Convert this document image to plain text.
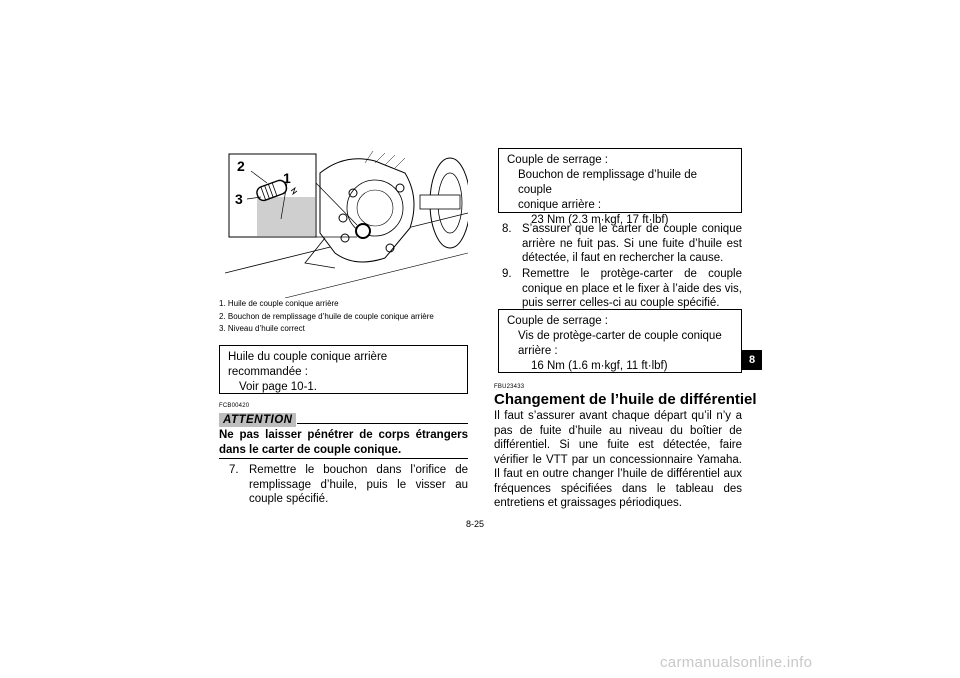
2
1
3
1. Huile de couple conique arrière
2. Bouchon de remplissage d’huile de couple conique arrière
3. Niveau d’huile correct
Huile du couple conique arrière
recommandée :
Voir page 10-1.
FCB00420
ATTENTION
Ne pas laisser pénétrer de corps étrangers dans le carter de couple conique.
7. Remettre le bouchon dans l’orifice de remplissage d’huile, puis le visser au couple spécifié.
Couple de serrage :
Bouchon de remplissage d’huile de couple
conique arrière :
23 Nm (2.3 m·kgf, 17 ft·lbf)
8. S’assurer que le carter de couple conique arrière ne fuit pas. Si une fuite d’huile est détectée, il faut en rechercher la cause.
9. Remettre le protège-carter de couple conique en place et le fixer à l’aide des vis, puis serrer celles-ci au couple spécifié.
Couple de serrage :
Vis de protège-carter de couple conique
arrière :
16 Nm (1.6 m·kgf, 11 ft·lbf)
FBU23433
Changement de l’huile de différentiel
Il faut s’assurer avant chaque départ qu’il n’y a pas de fuite d’huile au niveau du boîtier de différentiel. Si une fuite est détectée, faire vérifier le VTT par un concessionnaire Yamaha. Il faut en outre changer l’huile de différentiel aux fréquences spécifiées dans le tableau des entretiens et graissages périodiques.
8
8-25
carmanualsonline.info
